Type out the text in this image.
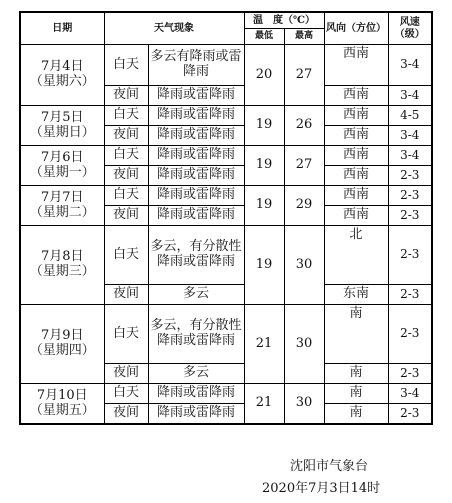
日期	天气现象		温　度（℃）		风向（方位）	风速（级）
			最低	最高		

7月4日
（星期六）	白天	多云有降雨或雷降雨	20	27	西南	3-4
	夜间	降雨或雷降雨			西南	3-4

7月5日
（星期日）	白天	降雨或雷降雨	19	26	西南	4-5
	夜间	降雨或雷降雨			西南	3-4

7月6日
（星期一）	白天	降雨或雷降雨	19	27	西南	3-4
	夜间	降雨或雷降雨			西南	2-3

7月7日
（星期二）	白天	降雨或雷降雨	19	29	西南	2-3
	夜间	降雨或雷降雨			西南	2-3

7月8日
（星期三）	白天	多云，有分散性降雨或雷降雨	19	30	北	2-3
	夜间	多云			东南	2-3

7月9日
（星期四）	白天	多云，有分散性降雨或雷降雨	21	30	南	2-3
	夜间	多云			南	2-3

7月10日
（星期五）	白天	降雨或雷降雨	21	30	南	3-4
	夜间	降雨或雷降雨			南	2-3
沈阳市气象台
2020年7月3日14时
